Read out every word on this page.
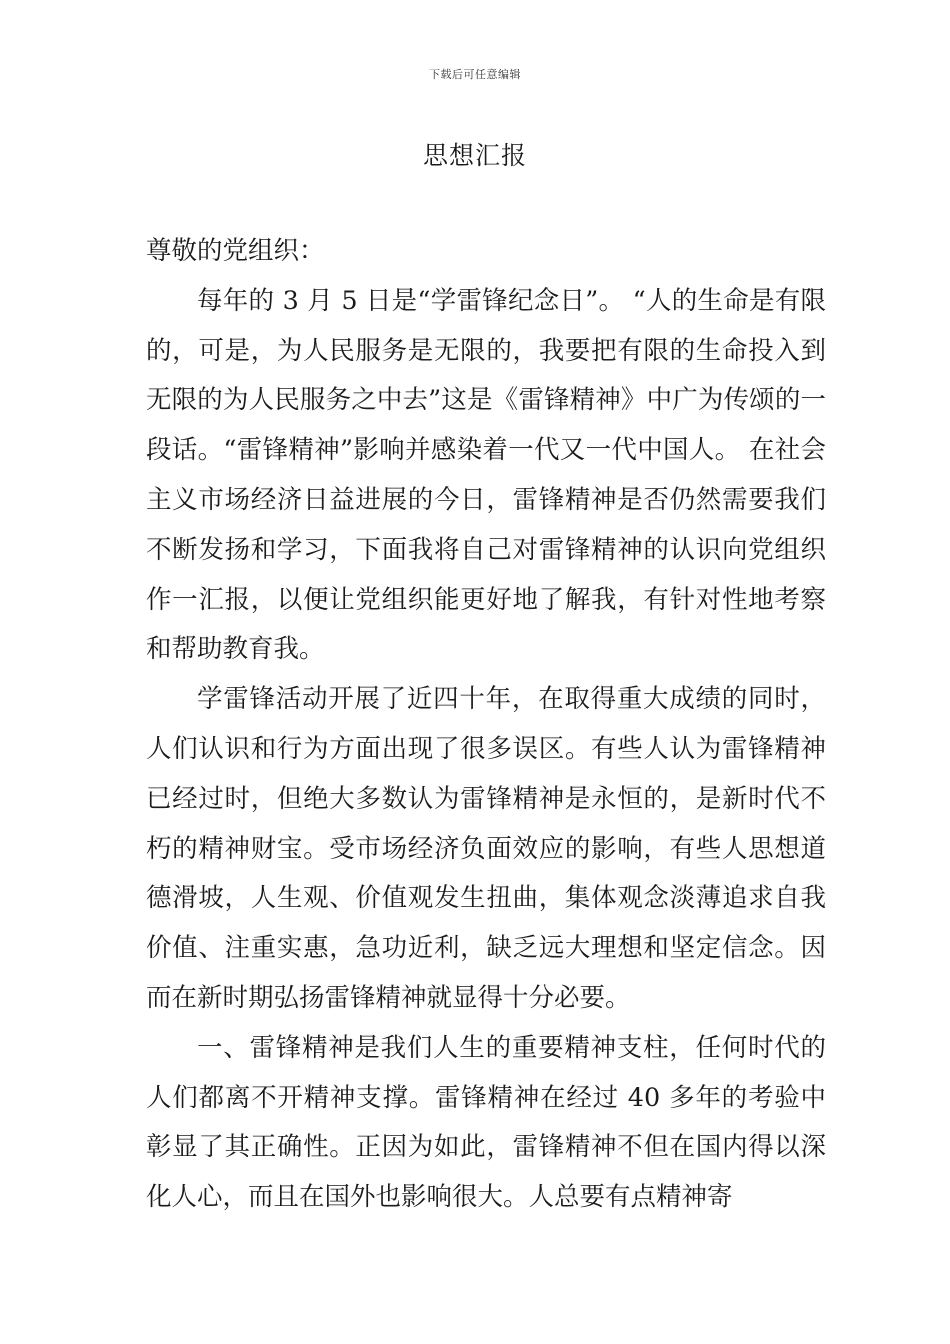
下载后可任意编辑
思想汇报

尊敬的党组织：

每年的 3 月 5 日是“学雷锋纪念日”。 “人的生命是有限的，可是，为人民服务是无限的，我要把有限的生命投入到无限的为人民服务之中去”这是《雷锋精神》中广为传颂的一段话。“雷锋精神”影响并感染着一代又一代中国人。 在社会主义市场经济日益进展的今日，雷锋精神是否仍然需要我们不断发扬和学习，下面我将自己对雷锋精神的认识向党组织作一汇报，以便让党组织能更好地了解我，有针对性地考察和帮助教育我。

学雷锋活动开展了近四十年，在取得重大成绩的同时，人们认识和行为方面出现了很多误区。有些人认为雷锋精神已经过时，但绝大多数认为雷锋精神是永恒的，是新时代不朽的精神财宝。受市场经济负面效应的影响，有些人思想道德滑坡，人生观、价值观发生扭曲，集体观念淡薄追求自我价值、注重实惠，急功近利，缺乏远大理想和坚定信念。因而在新时期弘扬雷锋精神就显得十分必要。

一、雷锋精神是我们人生的重要精神支柱，任何时代的人们都离不开精神支撑。雷锋精神在经过 40 多年的考验中彰显了其正确性。正因为如此，雷锋精神不但在国内得以深化人心，而且在国外也影响很大。人总要有点精神寄
